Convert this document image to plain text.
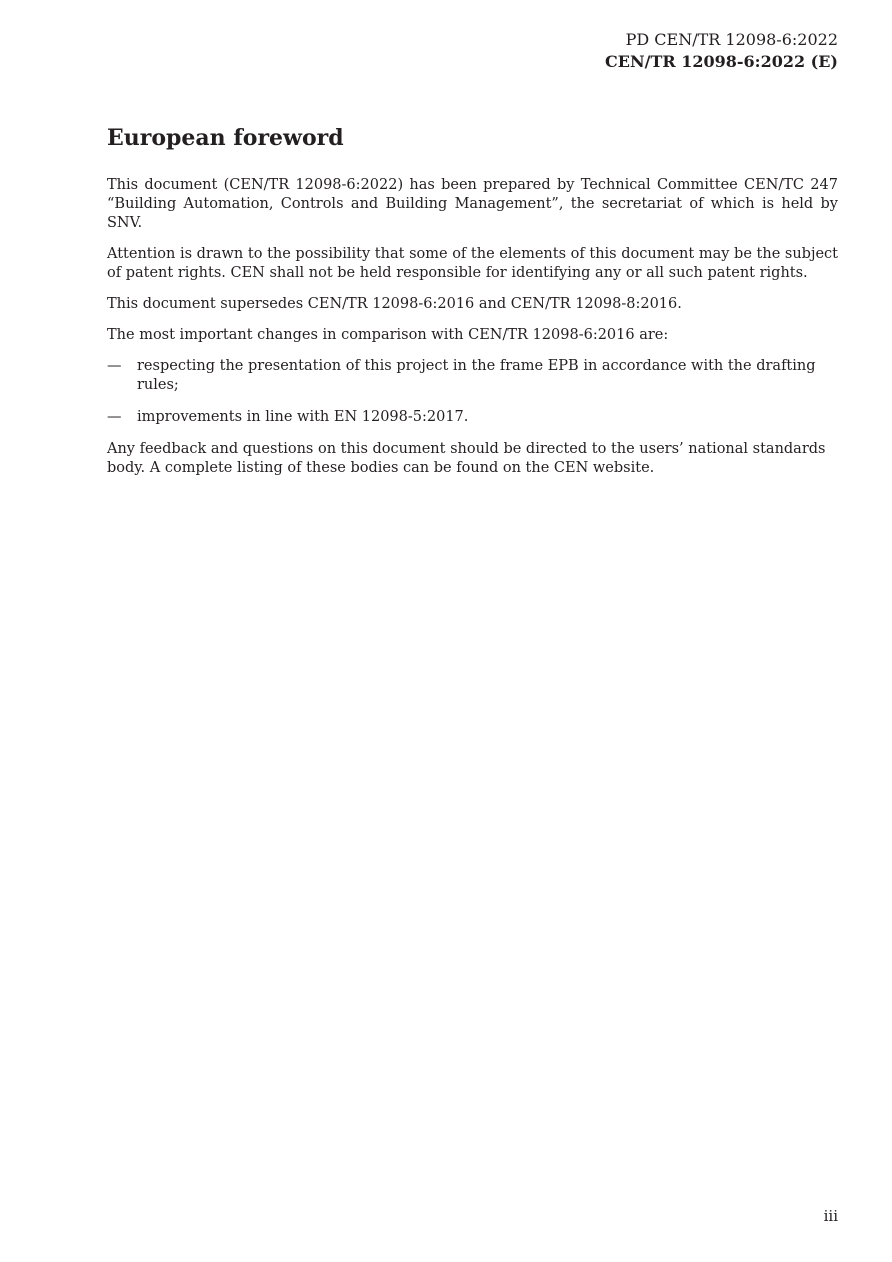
PD CEN/TR 12098-6:2022
CEN/TR 12098-6:2022 (E)
European foreword

This document (CEN/TR 12098-6:2022) has been prepared by Technical Committee CEN/TC 247 “Building Automation, Controls and Building Management”, the secretariat of which is held by SNV.

Attention is drawn to the possibility that some of the elements of this document may be the subject of patent rights. CEN shall not be held responsible for identifying any or all such patent rights.

This document supersedes CEN/TR 12098-6:2016 and CEN/TR 12098-8:2016.

The most important changes in comparison with CEN/TR 12098-6:2016 are:

—	respecting the presentation of this project in the frame EPB in accordance with the drafting rules;
—	improvements in line with EN 12098-5:2017.

Any feedback and questions on this document should be directed to the users’ national standards body. A complete listing of these bodies can be found on the CEN website.

iii
